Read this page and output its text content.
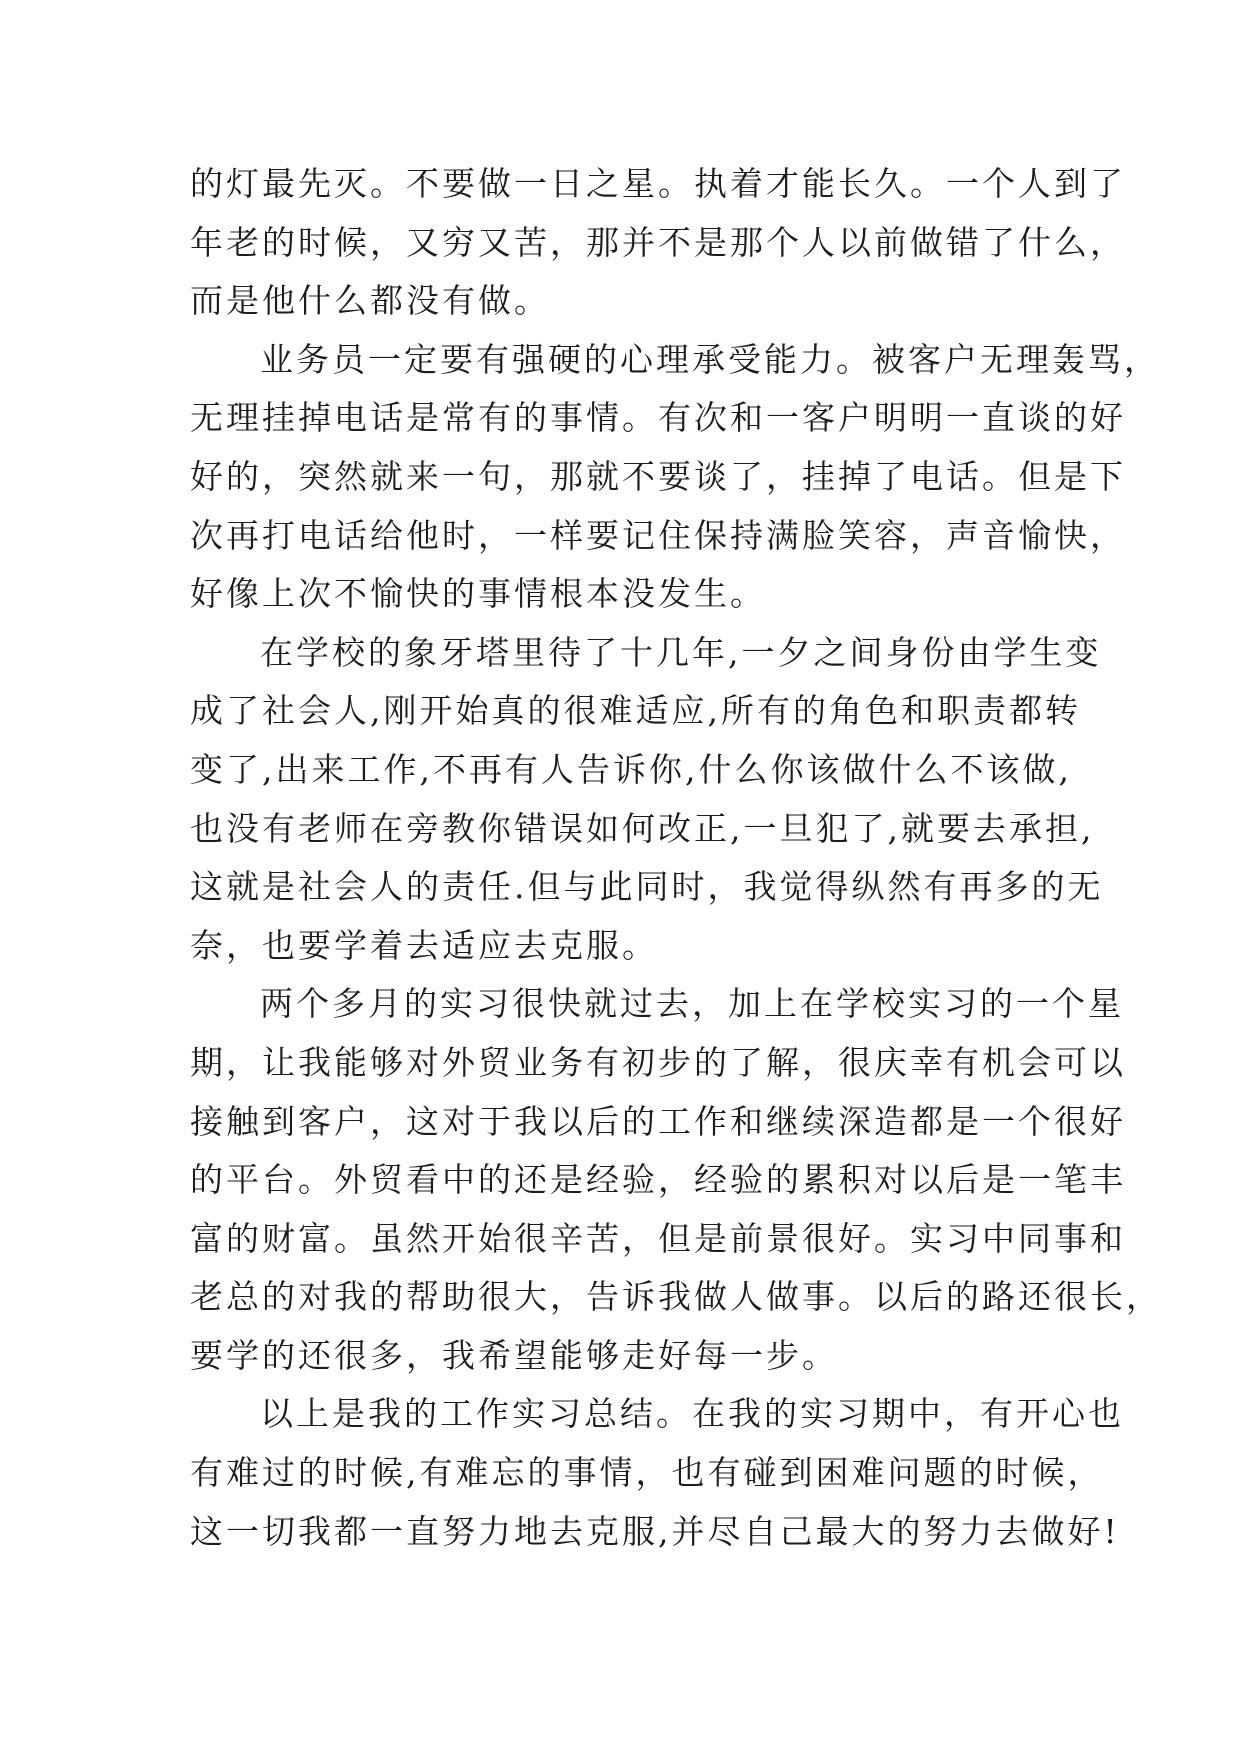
的灯最先灭。不要做一日之星。执着才能长久。一个人到了
年老的时候，又穷又苦，那并不是那个人以前做错了什么，
而是他什么都没有做。
业务员一定要有强硬的心理承受能力。被客户无理轰骂，
无理挂掉电话是常有的事情。有次和一客户明明一直谈的好
好的，突然就来一句，那就不要谈了，挂掉了电话。但是下
次再打电话给他时，一样要记住保持满脸笑容，声音愉快，
好像上次不愉快的事情根本没发生。
在学校的象牙塔里待了十几年,一夕之间身份由学生变
成了社会人,刚开始真的很难适应,所有的角色和职责都转
变了,出来工作,不再有人告诉你,什么你该做什么不该做,
也没有老师在旁教你错误如何改正,一旦犯了,就要去承担,
这就是社会人的责任.但与此同时，我觉得纵然有再多的无
奈，也要学着去适应去克服。
两个多月的实习很快就过去，加上在学校实习的一个星
期，让我能够对外贸业务有初步的了解，很庆幸有机会可以
接触到客户，这对于我以后的工作和继续深造都是一个很好
的平台。外贸看中的还是经验，经验的累积对以后是一笔丰
富的财富。虽然开始很辛苦，但是前景很好。实习中同事和
老总的对我的帮助很大，告诉我做人做事。以后的路还很长，
要学的还很多，我希望能够走好每一步。
以上是我的工作实习总结。在我的实习期中，有开心也
有难过的时候,有难忘的事情，也有碰到困难问题的时候，
这一切我都一直努力地去克服,并尽自己最大的努力去做好!
